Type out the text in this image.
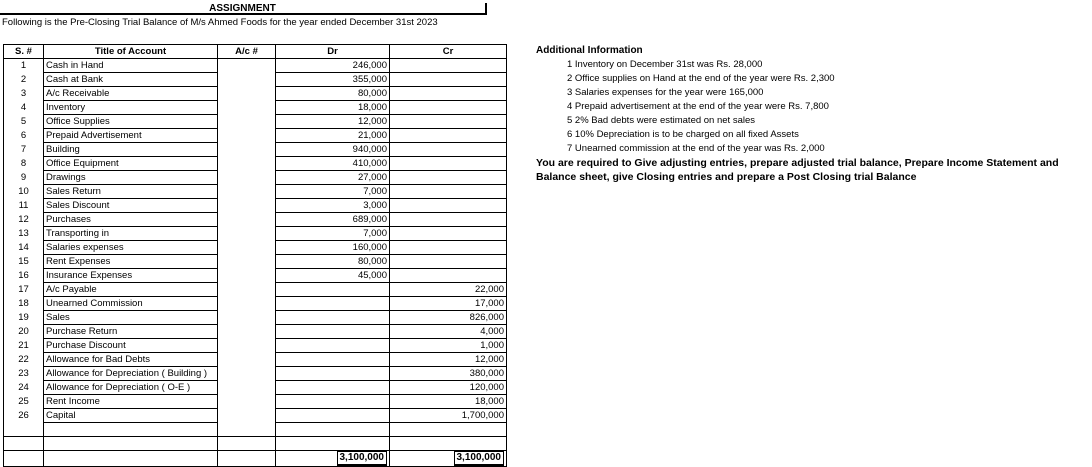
ASSIGNMENT
Following is the Pre-Closing Trial Balance of M/s Ahmed Foods for the year ended December 31st 2023
S. #	Title of Account	A/c #	Dr	Cr
1	Cash in Hand		246,000	
2	Cash at Bank		355,000	
3	A/c Receivable		80,000	
4	Inventory		18,000	
5	Office Supplies		12,000	
6	Prepaid Advertisement		21,000	
7	Building		940,000	
8	Office Equipment		410,000	
9	Drawings		27,000	
10	Sales Return		7,000	
11	Sales Discount		3,000	
12	Purchases		689,000	
13	Transporting in		7,000	
14	Salaries expenses		160,000	
15	Rent Expenses		80,000	
16	Insurance Expenses		45,000	
17	A/c Payable			22,000
18	Unearned Commission			17,000
19	Sales			826,000
20	Purchase Return			4,000
21	Purchase Discount			1,000
22	Allowance for Bad Debts			12,000
23	Allowance for Depreciation ( Building )			380,000
24	Allowance for Depreciation ( O-E )			120,000
25	Rent Income			18,000
26	Capital			1,700,000

			3,100,000	3,100,000
Additional Information
1 Inventory on December 31st was Rs. 28,000
2 Office supplies on Hand at the end of the year were Rs. 2,300
3 Salaries expenses for the year were 165,000
4 Prepaid advertisement at the end of the year were Rs. 7,800
5 2% Bad debts were estimated on net sales
6 10% Depreciation is to be charged on all fixed Assets
7 Unearned commission at the end of the year was Rs. 2,000
You are required to Give adjusting entries, prepare adjusted trial balance, Prepare Income Statement and Balance sheet, give Closing entries and prepare a Post Closing trial Balance
